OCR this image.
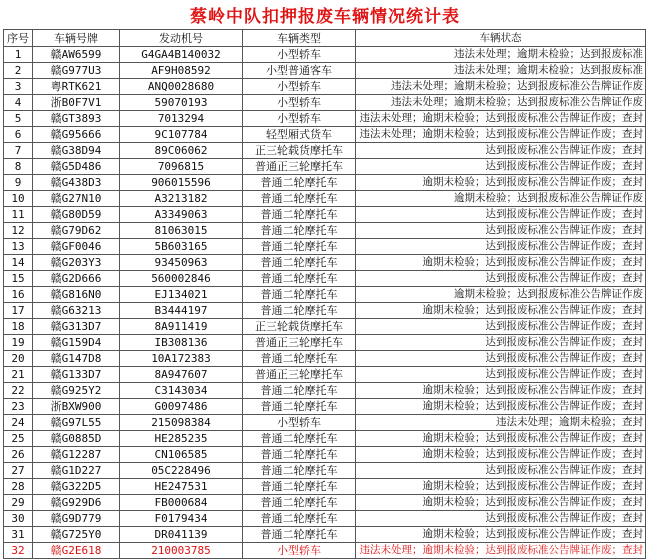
蔡岭中队扣押报废车辆情况统计表
序号	车辆号牌	发动机号	车辆类型	车辆状态
1	赣AW6599	G4GA4B140032	小型轿车	违法未处理；逾期未检验；达到报废标准
2	赣G977U3	AF9H08592	小型普通客车	违法未处理；逾期未检验；达到报废标准
3	粤RTK621	ANQ0028680	小型轿车	违法未处理；逾期未检验；达到报废标准公告牌证作废
4	浙B0F7V1	59070193	小型轿车	违法未处理；逾期未检验；达到报废标准公告牌证作废
5	赣GT3893	7013294	小型轿车	违法未处理；逾期未检验；达到报废标准公告牌证作废；查封
6	赣G95666	9C107784	轻型厢式货车	违法未处理；逾期未检验；达到报废标准公告牌证作废；查封
7	赣G38D94	89C06062	正三轮载货摩托车	达到报废标准公告牌证作废；查封
8	赣G5D486	7096815	普通正三轮摩托车	达到报废标准公告牌证作废；查封
9	赣G438D3	906015596	普通二轮摩托车	逾期未检验；达到报废标准公告牌证作废；查封
10	赣G27N10	A3213182	普通二轮摩托车	逾期未检验；达到报废标准公告牌证作废
11	赣G80D59	A3349063	普通二轮摩托车	达到报废标准公告牌证作废；查封
12	赣G79D62	81063015	普通二轮摩托车	达到报废标准公告牌证作废；查封
13	赣GF0046	5B603165	普通二轮摩托车	达到报废标准公告牌证作废；查封
14	赣G203Y3	93450963	普通二轮摩托车	逾期未检验；达到报废标准公告牌证作废；查封
15	赣G2D666	560002846	普通二轮摩托车	达到报废标准公告牌证作废；查封
16	赣G816N0	EJ134021	普通二轮摩托车	逾期未检验；达到报废标准公告牌证作废
17	赣G63213	B3444197	普通二轮摩托车	逾期未检验；达到报废标准公告牌证作废；查封
18	赣G313D7	8A911419	正三轮载货摩托车	达到报废标准公告牌证作废；查封
19	赣G159D4	IB308136	普通正三轮摩托车	达到报废标准公告牌证作废；查封
20	赣G147D8	10A172383	普通二轮摩托车	达到报废标准公告牌证作废；查封
21	赣G133D7	8A947607	普通正三轮摩托车	达到报废标准公告牌证作废；查封
22	赣G925Y2	C3143034	普通二轮摩托车	逾期未检验；达到报废标准公告牌证作废；查封
23	浙BXW900	G0097486	普通二轮摩托车	逾期未检验；达到报废标准公告牌证作废；查封
24	赣G97L55	215098384	小型轿车	违法未处理；逾期未检验；查封
25	赣G0885D	HE285235	普通二轮摩托车	逾期未检验；达到报废标准公告牌证作废；查封
26	赣G12287	CN106585	普通二轮摩托车	逾期未检验；达到报废标准公告牌证作废；查封
27	赣G1D227	05C228496	普通二轮摩托车	达到报废标准公告牌证作废；查封
28	赣G322D5	HE247531	普通二轮摩托车	逾期未检验；达到报废标准公告牌证作废；查封
29	赣G929D6	FB000684	普通二轮摩托车	逾期未检验；达到报废标准公告牌证作废；查封
30	赣G9D779	F0179434	普通二轮摩托车	达到报废标准公告牌证作废；查封
31	赣G725Y0	DR041139	普通二轮摩托车	逾期未检验；达到报废标准公告牌证作废；查封
32	赣G2E618	210003785	小型轿车	违法未处理；逾期未检验；达到报废标准公告牌证作废；查封
